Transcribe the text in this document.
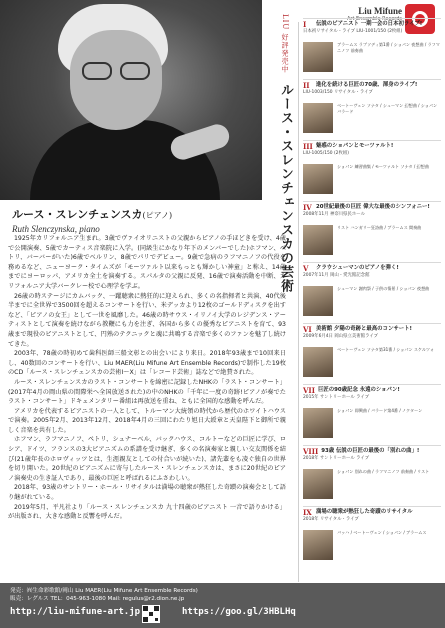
Liu Mifune
Art Ensemble Records
LIU 好評発売中 ルース・スレンチェンスカの芸術
ルース・スレンチェンスカ(ピアノ)
Ruth Slenczynska, piano

1925年カリフォルニア生まれ。3歳でヴァイオリニストの父親からピアノの手ほどきを受け、4歳で公開演奏、5歳でカーティス音楽院に入学。(同級生にかなり年下のメンバーでした)ホフマン、ペトリ、バーバーがいた)6歳でベルリン、8歳でパリでデビュー。9歳で急病のラフマニノフの代役を務めるなど、ニューヨーク・タイムズが「モーツァルト以来もっとも輝かしい神童」と称え、14歳までにヨーロッパ、アメリカ全土を演奏する。スパルタの父親に反発、16歳で演奏活動を中断、カリフォルニア大学バークレー校で心理学を学ぶ。

26歳の時ステージにカムバック、一躍聴衆に熱狂的に迎えられ、多くの名指揮者と共演、40代後半までに全世界で3500回を超えるコンサートを行い、米デッカより12枚のゴールドディスクを出すなど、「ピアノの女王」として一世を風靡した。46歳の時サウス・イリノイ大学のレジデンス・アーティストとして演奏を続けながら教鞭にも力を注ぎ、各国から多くの優秀なピアニストを育て、93歳まで現役のピアニストとして、円熟のテクニックと魂に共鳴する音楽で多くのファンを魅了し続けてきた。

2003年、78歳の時初めて歯科医師三船文彰との出会いにより来日。2018年93歳まで10回来日し、40数回のコンサートを行い、Liu MAER(Liu Mifune Art Ensemble Records)で制作した19枚のCD「ルース・スレンチェンスカの芸術I〜X」は「レコード芸術」誌などで絶賛された。

ルース・スレンチェンスカのラスト・コンサートを綿密に記録したNHKの「ラスト・コンサート」(2017年4月の岡山県の間際栄へ全国放送された)の中のNHKの「千年に一度の奇跡!ピアノが奏でたラスト・コンサート」ドキュメンタリー番組は再放送を重ね、ともに全国的な感動を呼んだ。

アメリカを代表するピアニストの一人として、トルーマン大統領の時代から歴代のホワイトハウスで演奏。2005年2月、2013年12月、2018年4月の三回にわたり旭日大綬章と天皇陛下と御所で親しく音楽を共有した。

ホフマン、ラフマニノフ、ペトリ、シュナーベル、バックハウス、コルトーなどの巨匠に学び、ロシア、ドイツ、フランスの3大ピアニズムの系譜を受け継ぎ、多くの名演奏家と親しい交友関係を結び(21歳年長のホロヴィッツとは、生涯親友としての付合いが続いた)、諸先輩をも凌ぐ独自の世界を切り開いた。20世紀のピアニズムに寄与したルース・スレンチェンスカは、まさに20世紀のピアノ演奏史の生き証人であり、最後の巨匠と呼ばれるにふさわしい。

2018年、93歳のサントリー・ホール・リサイタルは満場の聴衆が熱狂した奇蹟の演奏会として語り継がれている。

2019年5月、平凡社より「ルース・スレンチェンスカ 九十四歳のピアニスト 一音で語りかける」が出版され、大きな感動と反響を呼んだ。

I	伝説のピアニスト 一期一会の日本初ライブ!
日本初リサイタル・ライブ LIU-1001/150 (2枚組)
ブラームス ラプソディ第1番 / ショパン 夜想曲 / ラフマニノフ 前奏曲
II	進化を続ける巨匠の70歳、渾身のライブ!
LIU-1003/150 リサイタル・ライブ
ベートーヴェン ソナタ / シューマン 幻想曲 / ショパン バラード
III 魅惑のショパンとモーツァルト!
LIU-1005/150 (2枚組)
ショパン 練習曲集 / モーツァルト ソナタ / 幻想曲
IV 20世紀最後の巨匠 偉大な最後のシンフォニー!
2008年11月 神奈川県民ホール
リスト ハンガリー狂詩曲 / ブラームス 間奏曲
V	クラウシューマンのピアノを弾く!
2007年11月 岡山・愛光館記念館
シューマン 謝肉祭 / 子供の情景 / ショパン 夜想曲
VI 美術館 夕陽の奇跡と最高のコンサート!
2009年6月4日 岡山県立美術館ライブ
ベートーヴェン ソナタ第31番 / ショパン スケルツォ
VII 巨匠の90歳記念 永遠のショパン!
2015年 サントリーホール ライブ
ショパン 即興曲 / バラード第4番 / ノクターン
VIII 93歳 伝説の巨匠の最後の「別れの曲」!
2018年 サントリーホール ライブ
ショパン 別れの曲 / ラフマニノフ 前奏曲 / リスト
IX 満場の聴衆が熱狂した奇蹟のリサイタル
2018年 リサイタル・ライブ
バッハ / ベートーヴェン / ショパン / ブラームス
発売：㈲生命彩歌館/岡山 Liu MAER(Liu Mifune Art Ensemble Records)
販売：レグルス TEL：045-963-1080 Mail: regulus@r2.dion.ne.jp
http://liu-mifune-art.jp	https://goo.gl/3HBLHq
